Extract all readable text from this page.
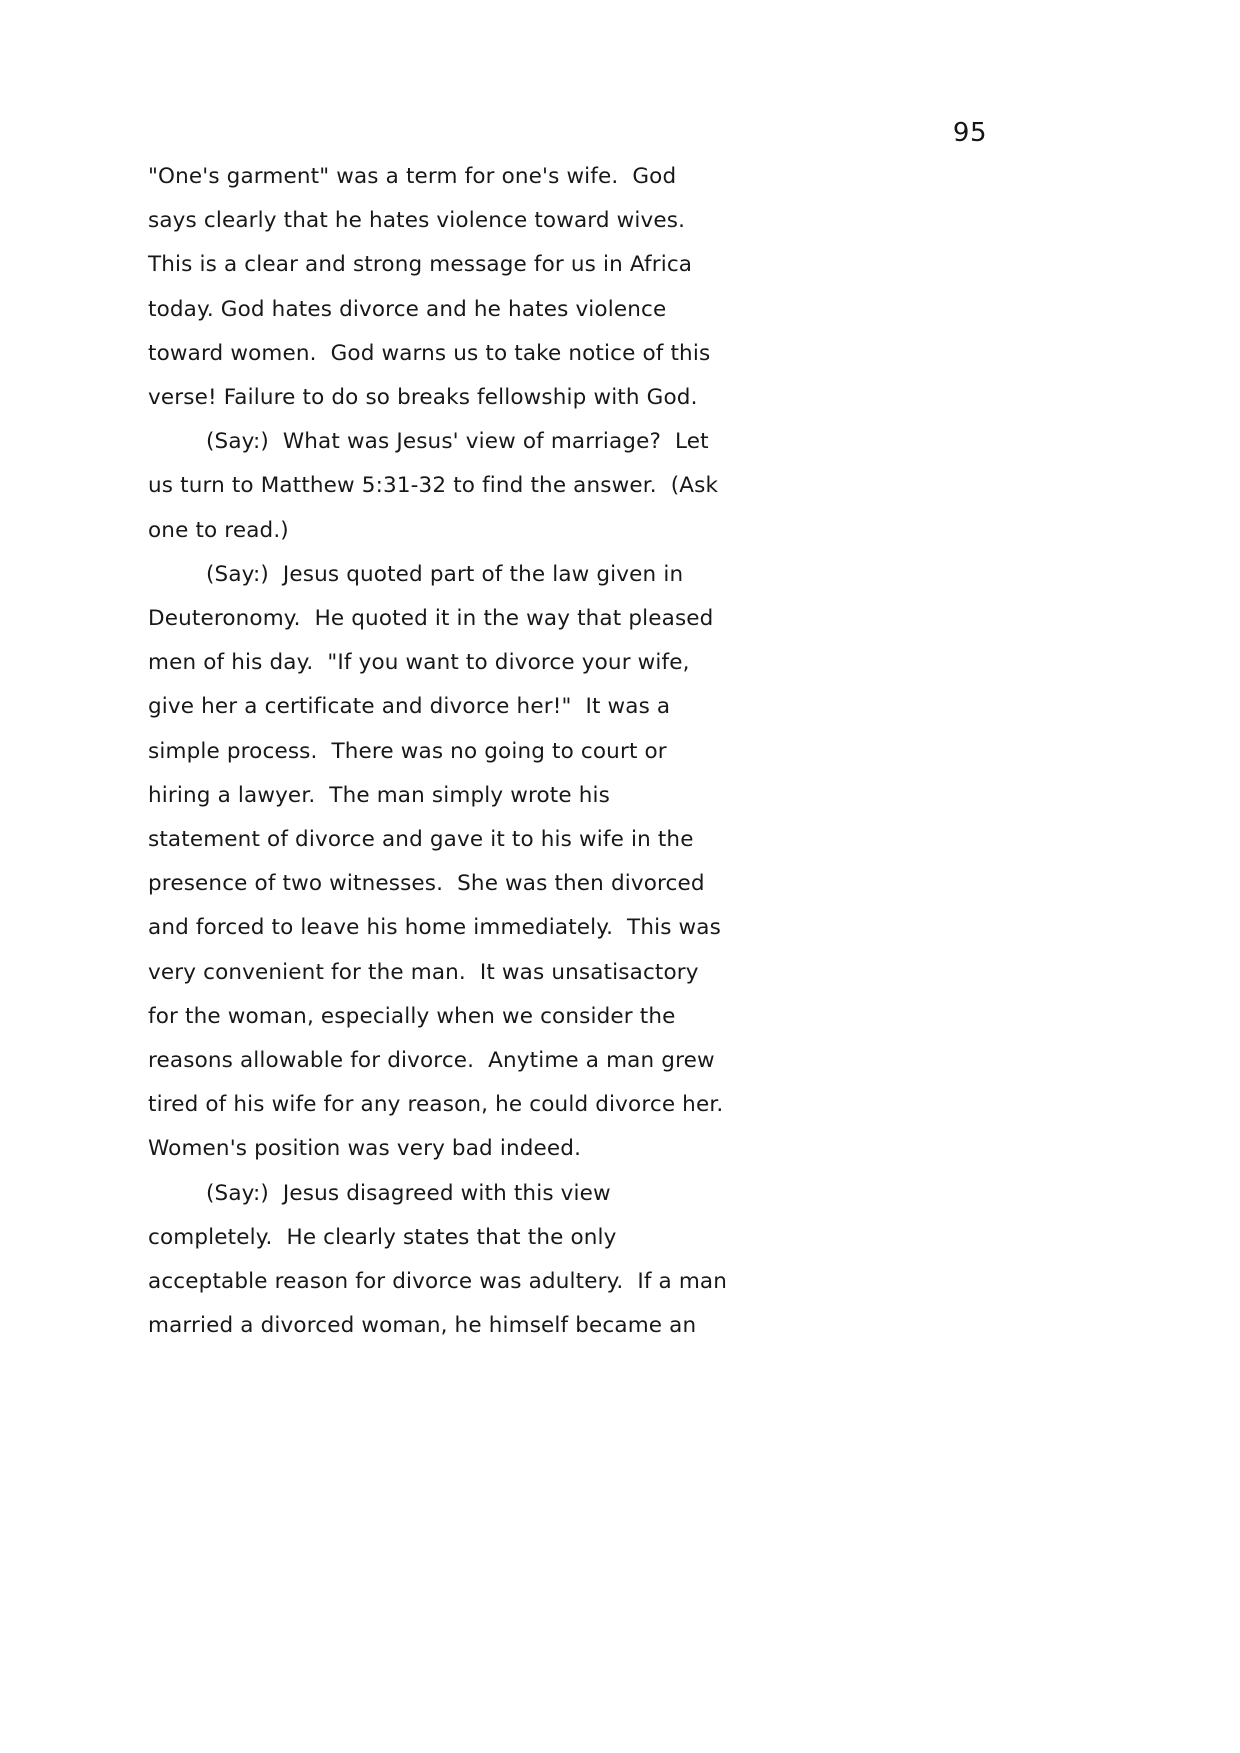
95

"One's garment" was a term for one's wife.  God says clearly that he hates violence toward wives.  This is a clear and strong message for us in Africa today. God hates divorce and he hates violence toward women.  God warns us to take notice of this verse! Failure to do so breaks fellowship with God.

(Say:)  What was Jesus' view of marriage?  Let us turn to Matthew 5:31-32 to find the answer.  (Ask one to read.)

(Say:)  Jesus quoted part of the law given in Deuteronomy.  He quoted it in the way that pleased men of his day.  "If you want to divorce your wife, give her a certificate and divorce her!"  It was a simple process.  There was no going to court or hiring a lawyer.  The man simply wrote his statement of divorce and gave it to his wife in the presence of two witnesses.  She was then divorced and forced to leave his home immediately.  This was very convenient for the man.  It was unsatisactory for the woman, especially when we consider the reasons allowable for divorce.  Anytime a man grew tired of his wife for any reason, he could divorce her.  Women's position was very bad indeed.

(Say:)  Jesus disagreed with this view completely.  He clearly states that the only acceptable reason for divorce was adultery.  If a man married a divorced woman, he himself became an
